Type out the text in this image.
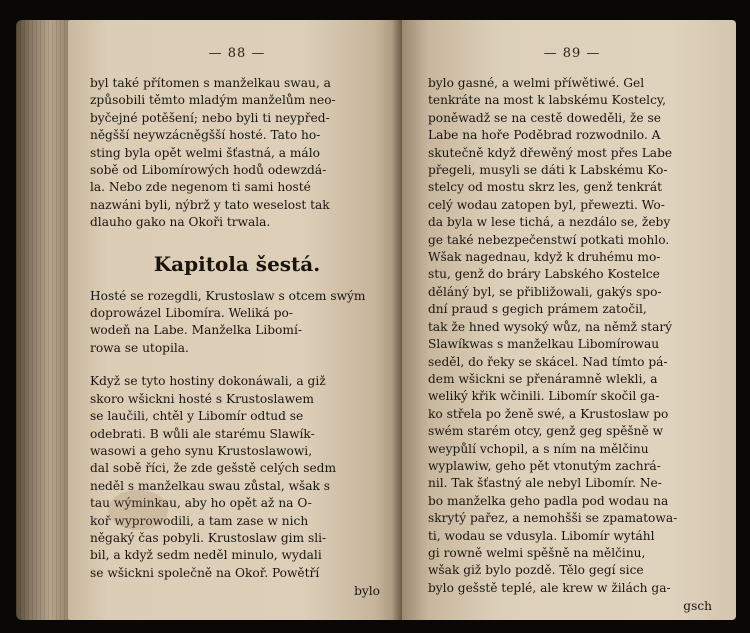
— 88 —
byl také přítomen s manželkau swau, a
způsobili těmto mladým manželům neo-
byčejné potěšení; nebo byli ti neypřed-
něgšší neywzácněgšší hosté. Tato ho-
sting byla opět welmi šťastná, a málo
sobě od Libomírowých hodů odewzdá-
la. Nebo zde negenom ti sami hosté
nazwáni byli, nýbrž y tato weselost tak
dlauho gako na Okoři trwala.
Kapitola šestá.
Hosté se rozegdli, Krustoslaw s otcem swým
doprowázel Libomíra. Weliká po-
wodeň na Labe. Manželka Libomí-
rowa se utopila.
Když se tyto hostiny dokonáwali, a giž
skoro wšickni hosté s Krustoslawem
se laučili, chtěl y Libomír odtud se
odebrati. B wůli ale starému Slawík-
wasowi a geho synu Krustoslawowi,
dal sobě říci, že zde gešstě celých sedm
neděl s manželkau swau zůstal, wšak s
tau wýminkau, aby ho opět až na O-
koř wyprowodili, a tam zase w nich
něgaký čas pobyli. Krustoslaw gim sli-
bil, a když sedm neděl minulo, wydali
se wšickni společně na Okoř. Powětří
bylo
— 89 —
bylo gasné, a welmi příwětiwé. Gel
tenkráte na most k labskému Kostelcy,
poněwadž se na cestě doweděli, že se
Labe na hoře Poděbrad rozwodnilo. A
skutečně když dřewěný most přes Labe
přegeli, musyli se dáti k Labskému Ko-
stelcy od mostu skrz les, genž tenkrát
celý wodau zatopen byl, přewezti. Wo-
da byla w lese tichá, a nezdálo se, žeby
ge také nebezpečenstwí potkati mohlo.
Wšak nagednau, když k druhému mo-
stu, genž do bráry Labského Kostelce
děláný byl, se přibližowali, gakýs spo-
dní praud s gegich prámem zatočil,
tak že hned wysoký wůz, na němž starý
Slawíkwas s manželkau Libomírowau
seděl, do řeky se skácel. Nad tímto pá-
dem wšickni se přenáramně wlekli, a
weliký křik wčinili. Libomír skočil ga-
ko střela po ženě swé, a Krustoslaw po
swém starém otcy, genž geg spěšně w
weypůlí vchopil, a s ním na mělčinu
wyplawiw, geho pět vtonutým zachrá-
nil. Tak šťastný ale nebyl Libomír. Ne-
bo manželka geho padla pod wodau na
skrytý pařez, a nemohšši se zpamatowa-
ti, wodau se vdusyla. Libomír wytáhl
gi rowně welmi spěšně na mělčinu,
wšak giž bylo pozdě. Tělo gegí sice
bylo gešstě teplé, ale krew w žilách ga-
gsch
